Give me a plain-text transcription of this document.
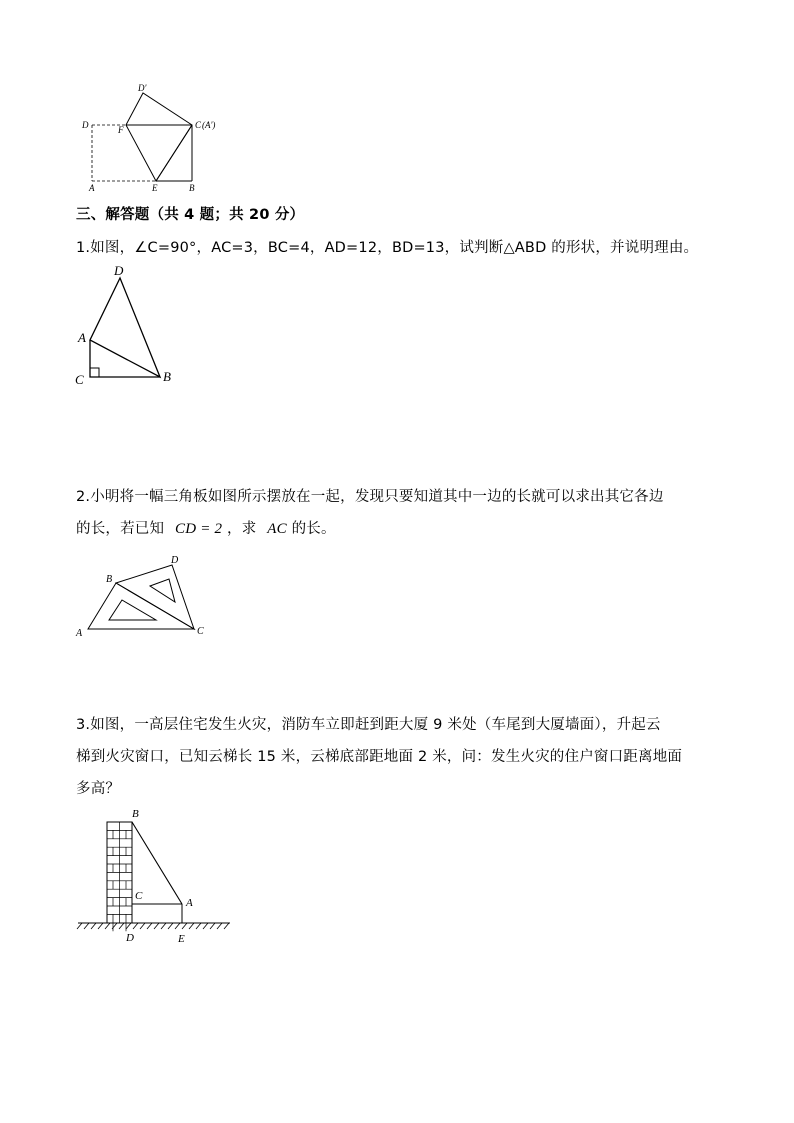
D
D'
F	C (A')
A	E	B
三、解答题（共 4 题；共 20 分）
1.如图，∠C=90°，AC=3，BC=4，AD=12，BD=13，试判断△ABD 的形状，并说明理由。
D
A
C	B
2.小明将一幅三角板如图所示摆放在一起，发现只要知道其中一边的长就可以求出其它各边
的长，若已知 CD = 2 ，求 AC 的长。
B
D
A	C
3.如图，一高层住宅发生火灾，消防车立即赶到距大厦 9 米处（车尾到大厦墙面），升起云
梯到火灾窗口，已知云梯长 15 米，云梯底部距地面 2 米，问：发生火灾的住户窗口距离地面
多高？
B
C
A
D	E
